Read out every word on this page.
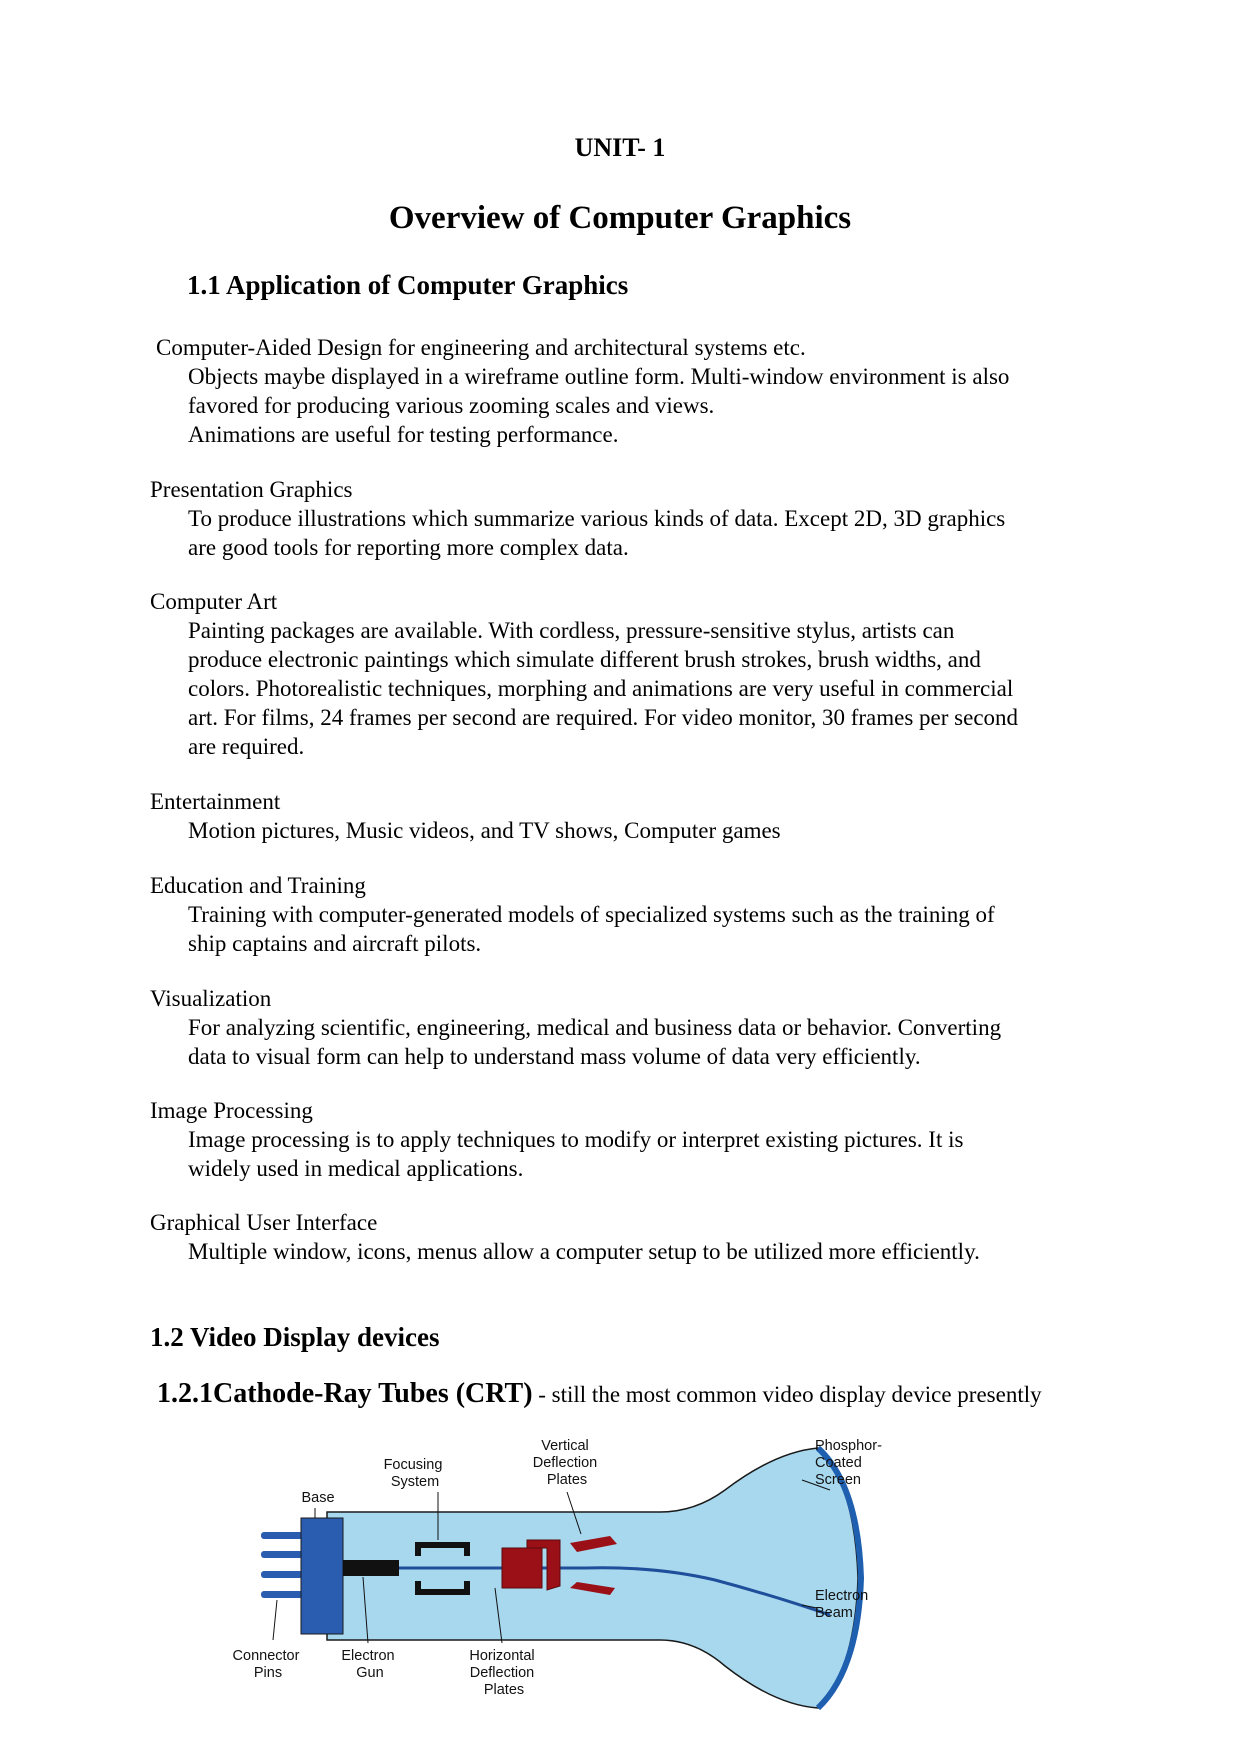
UNIT- 1
Overview of Computer Graphics
1.1 Application of Computer Graphics
Computer-Aided Design for engineering and architectural systems etc.
Objects maybe displayed in a wireframe outline form. Multi-window environment is also
favored for producing various zooming scales and views.
Animations are useful for testing performance.
Presentation Graphics
To produce illustrations which summarize various kinds of data. Except 2D, 3D graphics
are good tools for reporting more complex data.
Computer Art
Painting packages are available. With cordless, pressure-sensitive stylus, artists can
produce electronic paintings which simulate different brush strokes, brush widths, and
colors. Photorealistic techniques, morphing and animations are very useful in commercial
art. For films, 24 frames per second are required. For video monitor, 30 frames per second
are required.
Entertainment
Motion pictures, Music videos, and TV shows, Computer games
Education and Training
Training with computer-generated models of specialized systems such as the training of
ship captains and aircraft pilots.
Visualization
For analyzing scientific, engineering, medical and business data or behavior. Converting
data to visual form can help to understand mass volume of data very efficiently.
Image Processing
Image processing is to apply techniques to modify or interpret existing pictures. It is
widely used in medical applications.
Graphical User Interface
Multiple window, icons, menus allow a computer setup to be utilized more efficiently.
1.2 Video Display devices
1.2.1Cathode-Ray Tubes (CRT) - still the most common video display device presently
Vertical Deflection Plates
Focusing System
Base
Phosphor- Coated Screen
Connector Pins
Electron Gun
Horizontal Deflection Plates
Electron Beam
